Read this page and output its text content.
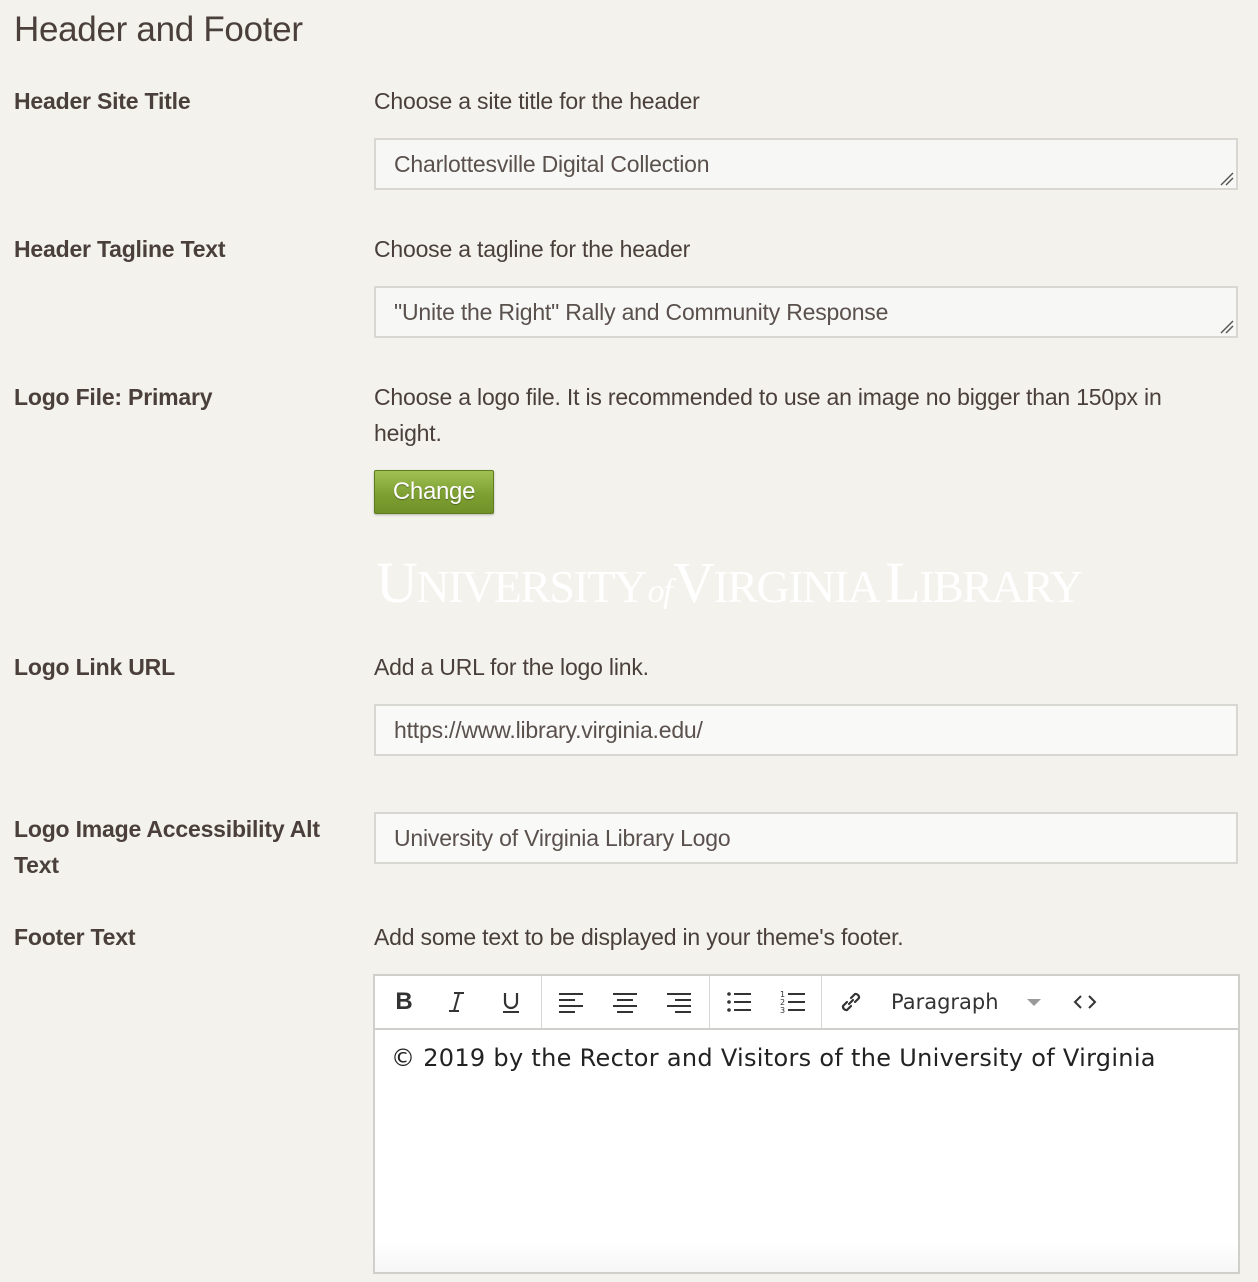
Header and Footer
Header Site Title	Choose a site title for the header
Charlottesville Digital Collection
Header Tagline Text	Choose a tagline for the header
"Unite the Right" Rally and Community Response
Logo File: Primary	Choose a logo file. It is recommended to use an image no bigger than 150px in height.
Change
UNIVERSITYofVIRGINIA LIBRARY
Logo Link URL	Add a URL for the logo link.
https://www.library.virginia.edu/
Logo Image Accessibility Alt Text
University of Virginia Library Logo
Footer Text	Add some text to be displayed in your theme's footer.
B	1
2
3	Paragraph
© 2019 by the Rector and Visitors of the University of Virginia
